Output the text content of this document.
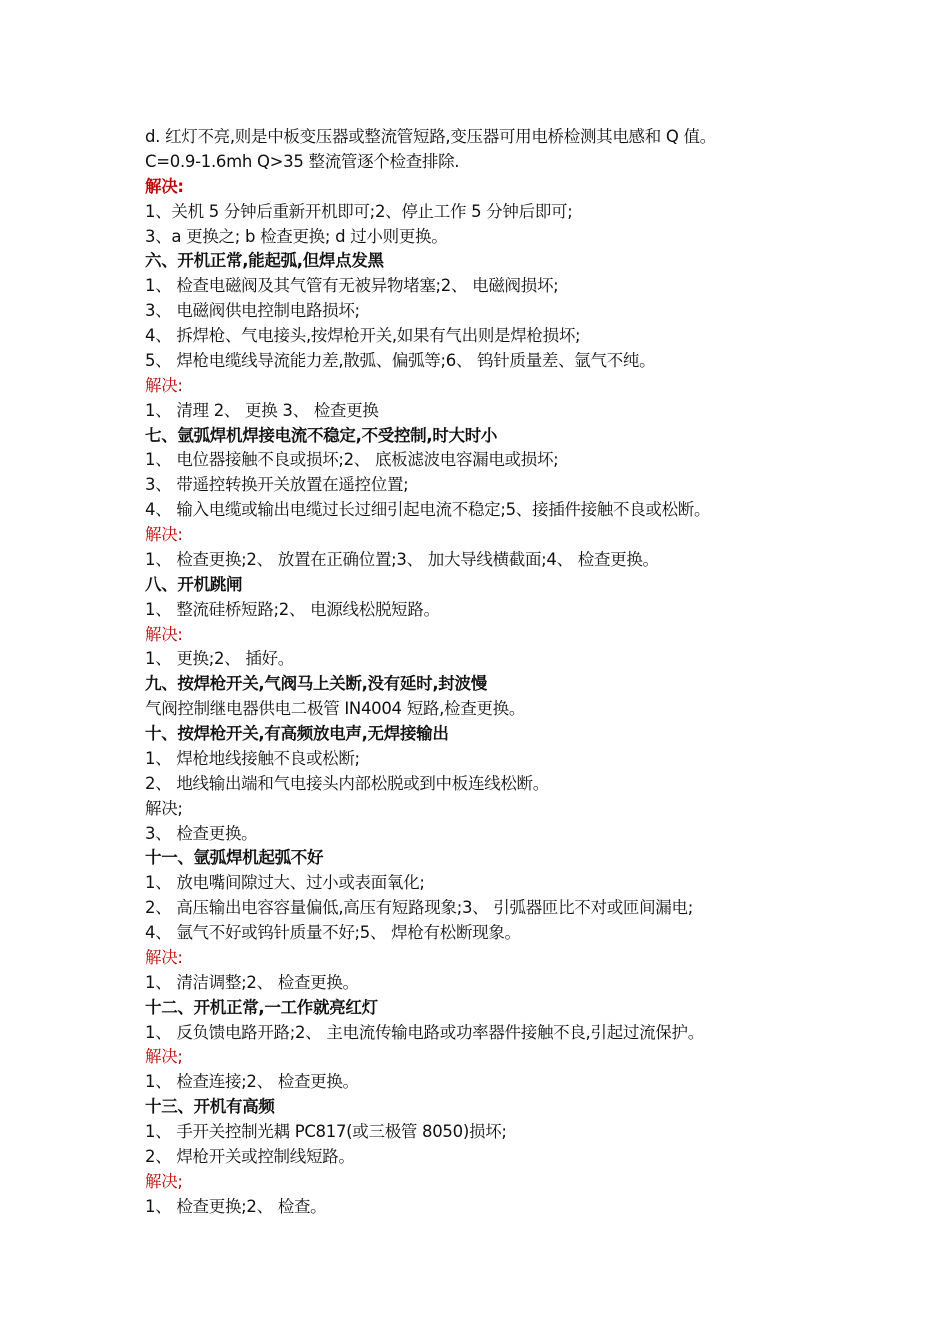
d. 红灯不亮,则是中板变压器或整流管短路,变压器可用电桥检测其电感和 Q 值。
C=0.9-1.6mh Q>35 整流管逐个检查排除.
解决:
1、关机 5 分钟后重新开机即可;2、停止工作 5 分钟后即可;
3、a 更换之; b 检查更换; d 过小则更换。
六、开机正常,能起弧,但焊点发黑
1、 检查电磁阀及其气管有无被异物堵塞;2、 电磁阀损坏;
3、 电磁阀供电控制电路损坏;
4、 拆焊枪、气电接头,按焊枪开关,如果有气出则是焊枪损坏;
5、 焊枪电缆线导流能力差,散弧、偏弧等;6、 钨针质量差、氩气不纯。
解决:
1、 清理 2、 更换 3、 检查更换
七、氩弧焊机焊接电流不稳定,不受控制,时大时小
1、 电位器接触不良或损坏;2、 底板滤波电容漏电或损坏;
3、 带遥控转换开关放置在遥控位置;
4、 输入电缆或输出电缆过长过细引起电流不稳定;5、接插件接触不良或松断。
解决:
1、 检查更换;2、 放置在正确位置;3、 加大导线横截面;4、 检查更换。
八、开机跳闸
1、 整流硅桥短路;2、 电源线松脱短路。
解决:
1、 更换;2、 插好。
九、按焊枪开关,气阀马上关断,没有延时,封波慢
气阀控制继电器供电二极管 IN4004 短路,检查更换。
十、按焊枪开关,有高频放电声,无焊接输出
1、 焊枪地线接触不良或松断;
2、 地线输出端和气电接头内部松脱或到中板连线松断。
解决;
3、 检查更换。
十一、氩弧焊机起弧不好
1、 放电嘴间隙过大、过小或表面氧化;
2、 高压输出电容容量偏低,高压有短路现象;3、 引弧器匝比不对或匝间漏电;
4、 氩气不好或钨针质量不好;5、 焊枪有松断现象。
解决:
1、 清洁调整;2、 检查更换。
十二、开机正常,一工作就亮红灯
1、 反负馈电路开路;2、 主电流传输电路或功率器件接触不良,引起过流保护。
解决;
1、 检查连接;2、 检查更换。
十三、开机有高频
1、 手开关控制光耦 PC817(或三极管 8050)损坏;
2、 焊枪开关或控制线短路。
解决;
1、 检查更换;2、 检查。
